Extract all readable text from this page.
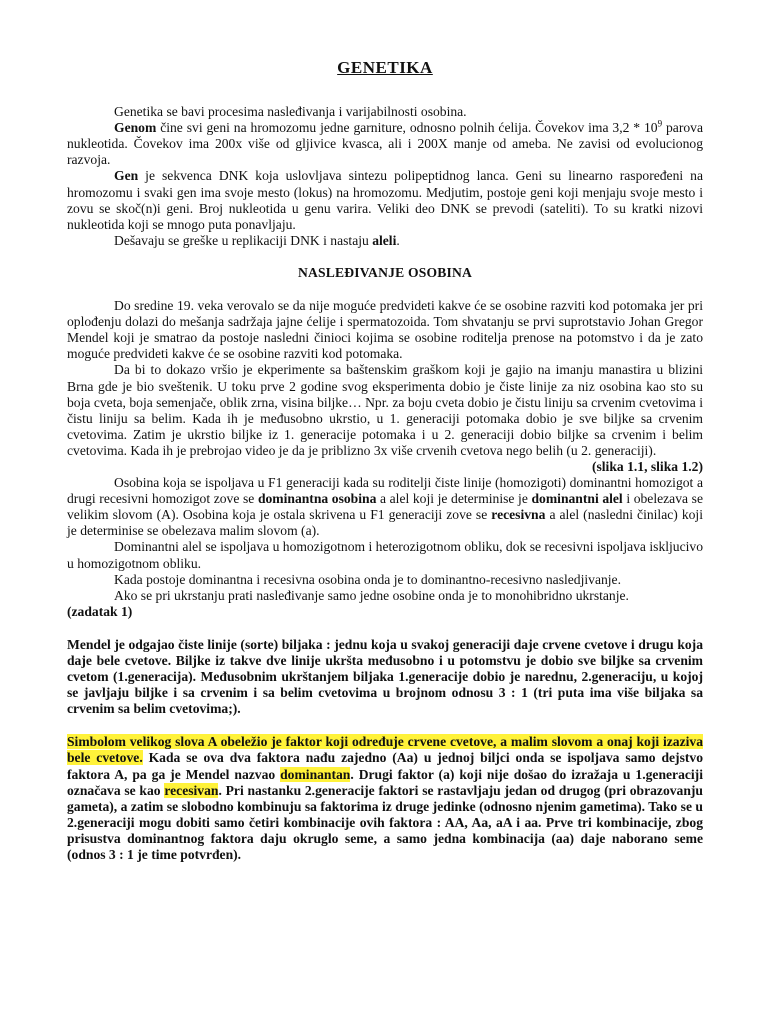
GENETIKA

Genetika se bavi procesima nasleđivanja i varijabilnosti osobina.

Genom čine svi geni na hromozomu jedne garniture, odnosno polnih ćelija. Čovekov ima $3,2 * 10^9$ parova nukleotida. Čovekov ima 200x više od gljivice kvasca, ali i 200X manje od ameba. Ne zavisi od evolucionog razvoja.

Gen je sekvenca DNK koja uslovljava sintezu polipeptidnog lanca. Geni su linearno raspoređeni na hromozomu i svaki gen ima svoje mesto (lokus) na hromozomu. Medjutim, postoje geni koji menjaju svoje mesto i zovu se skoč(n)i geni. Broj nukleotida u genu varira. Veliki deo DNK se prevodi (sateliti). To su kratki nizovi nukleotida koji se mnogo puta ponavljaju.

Dešavaju se greške u replikaciji DNK i nastaju aleli.

NASLEĐIVANJE OSOBINA

Do sredine 19. veka verovalo se da nije moguće predvideti kakve će se osobine razviti kod potomaka jer pri oplođenju dolazi do mešanja sadržaja jajne ćelije i spermatozoida. Tom shvatanju se prvi suprotstavio Johan Gregor Mendel koji je smatrao da postoje naslednі činioci kojima se osobine roditelja prenose na potomstvo i da je zato moguće predvideti kakve će se osobine razviti kod potomaka.

Da bi to dokazo vršio je ekperimente sa baštenskim graškom koji je gajio na imanju manastira u blizini Brna gde je bio sveštenik. U toku prve 2 godine svog eksperimenta dobio je čiste linije za niz osobina kao sto su boja cveta, boja semenjače, oblik zrna, visina biljke… Npr. za boju cveta dobio je čistu liniju sa crvenim cvetovima i čistu liniju sa belim. Kada ih je međusobno ukrstio, u 1. generaciji potomaka dobio je sve biljke sa crvenim cvetovima. Zatim je ukrstio biljke iz 1. generacije potomaka i u 2. generaciji dobio biljke sa crvenim i belim cvetovima. Kada ih je prebrojao video je da je priblizno 3x više crvenih cvetova nego belih (u 2. generaciji).
(slika 1.1, slika 1.2)

Osobina koja se ispoljava u F1 generaciji kada su roditelji čiste linije (homozigoti) dominantni homozigot a drugi recesivni homozigot zove se dominantna osobina a alel koji je determinise je dominantni alel i obelezava se velikim slovom (A). Osobina koja je ostala skrivena u F1 generaciji zove se recesivna a alel (naslednі činilac) koji je determinise se obelezava malim slovom (a).

Dominantni alel se ispoljava u homozigotnom i heterozigotnom obliku, dok se recesivni ispoljava isklјucivo u homozigotnom obliku.

Kada postoje dominantna i recesivna osobina onda je to dominantno-recesivno nasledjivanje.

Ako se pri ukrstanju prati nasleđivanje samo jedne osobine onda je to monohibridno ukrstanje.
(zadatak 1)

Mendel je odgajao čiste linije (sorte) biljaka : jednu koja u svakoj generaciji daje crvene cvetove i drugu koja daje bele cvetove. Biljke iz takve dve linije ukršta međusobno i u potomstvu je dobio sve biljke sa crvenim cvetom (1.generacija). Međusobnim ukrštanjem biljaka 1.generacije dobio je narednu, 2.generaciju, u kojoj se javljaju biljke i sa crvenim i sa belim cvetovima u brojnom odnosu 3 : 1 (tri puta ima više biljaka sa crvenim sa belim cvetovima;).

Simbolom velikog slova A obeležio je faktor koji određuje crvene cvetove, a malim slovom a onaj koji izaziva bele cvetove. Kada se ova dva faktora nađu zajedno (Aa) u jednoj biljci onda se ispoljava samo dejstvo faktora A, pa ga je Mendel nazvao dominantan. Drugi faktor (a) koji nije došao do izražaja u 1.generaciji označava se kao recesivan. Pri nastanku 2.generacije faktori se rastavljaju jedan od drugog (pri obrazovanju gameta), a zatim se slobodno kombinuju sa faktorima iz druge jedinke (odnosno njenim gametima). Tako se u 2.generaciji mogu dobiti samo četiri kombinacije ovih faktora : AA, Aa, aA i aa. Prve tri kombinacije, zbog prisustva dominantnog faktora daju okruglo seme, a samo jedna kombinacija (aa) daje naborano seme (odnos 3 : 1 je time potvrđen).
